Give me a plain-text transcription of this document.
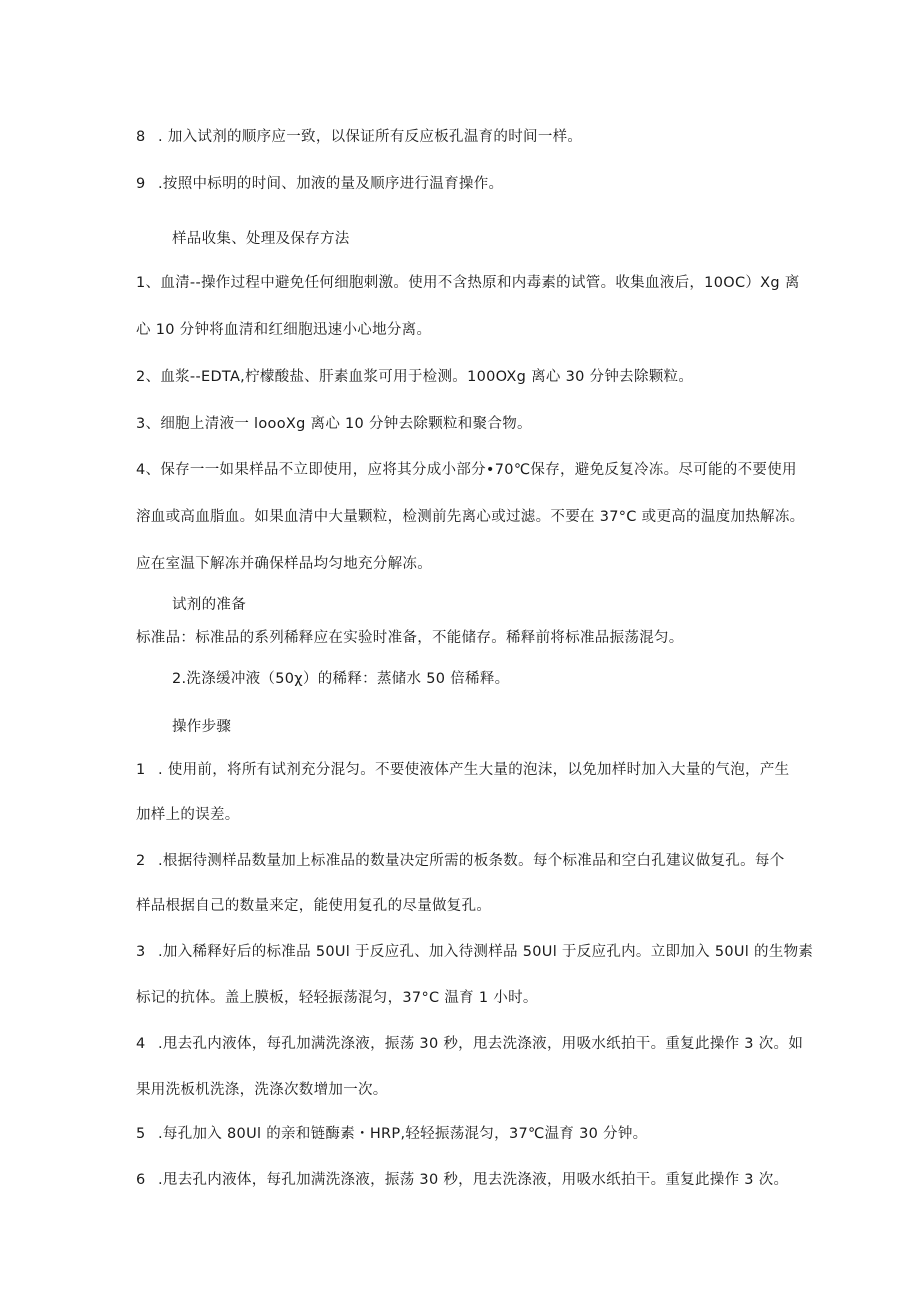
8 . 加入试剂的顺序应一致，以保证所有反应板孔温育的时间一样。
9 .按照中标明的时间、加液的量及顺序进行温育操作。
样品收集、处理及保存方法
1、血清--操作过程中避免任何细胞刺激。使用不含热原和内毒素的试管。收集血液后，10OC）Xg 离
心 10 分钟将血清和红细胞迅速小心地分离。
2、血浆--EDTA,柠檬酸盐、肝素血浆可用于检测。100OXg 离心 30 分钟去除颗粒。
3、细胞上清液一 loooXg 离心 10 分钟去除颗粒和聚合物。
4、保存一一如果样品不立即使用，应将其分成小部分•70℃保存，避免反复冷冻。尽可能的不要使用
溶血或高血脂血。如果血清中大量颗粒，检测前先离心或过滤。不要在 37°C 或更高的温度加热解冻。
应在室温下解冻并确保样品均匀地充分解冻。
试剂的准备
标准品：标准品的系列稀释应在实验时准备，不能储存。稀释前将标准品振荡混匀。
2.洗涤缓冲液（50χ）的稀释：蒸储水 50 倍稀释。
操作步骤
1 . 使用前，将所有试剂充分混匀。不要使液体产生大量的泡沫，以免加样时加入大量的气泡，产生
加样上的误差。
2 .根据待测样品数量加上标准品的数量决定所需的板条数。每个标准品和空白孔建议做复孔。每个
样品根据自己的数量来定，能使用复孔的尽量做复孔。
3 .加入稀释好后的标准品 50Ul 于反应孔、加入待测样品 50Ul 于反应孔内。立即加入 50Ul 的生物素
标记的抗体。盖上膜板，轻轻振荡混匀，37°C 温育 1 小时。
4 .甩去孔内液体，每孔加满洗涤液，振荡 30 秒，甩去洗涤液，用吸水纸拍干。重复此操作 3 次。如
果用洗板机洗涤，洗涤次数增加一次。
5 .每孔加入 80Ul 的亲和链酶素・HRP,轻轻振荡混匀，37℃温育 30 分钟。
6 .甩去孔内液体，每孔加满洗涤液，振荡 30 秒，甩去洗涤液，用吸水纸拍干。重复此操作 3 次。
